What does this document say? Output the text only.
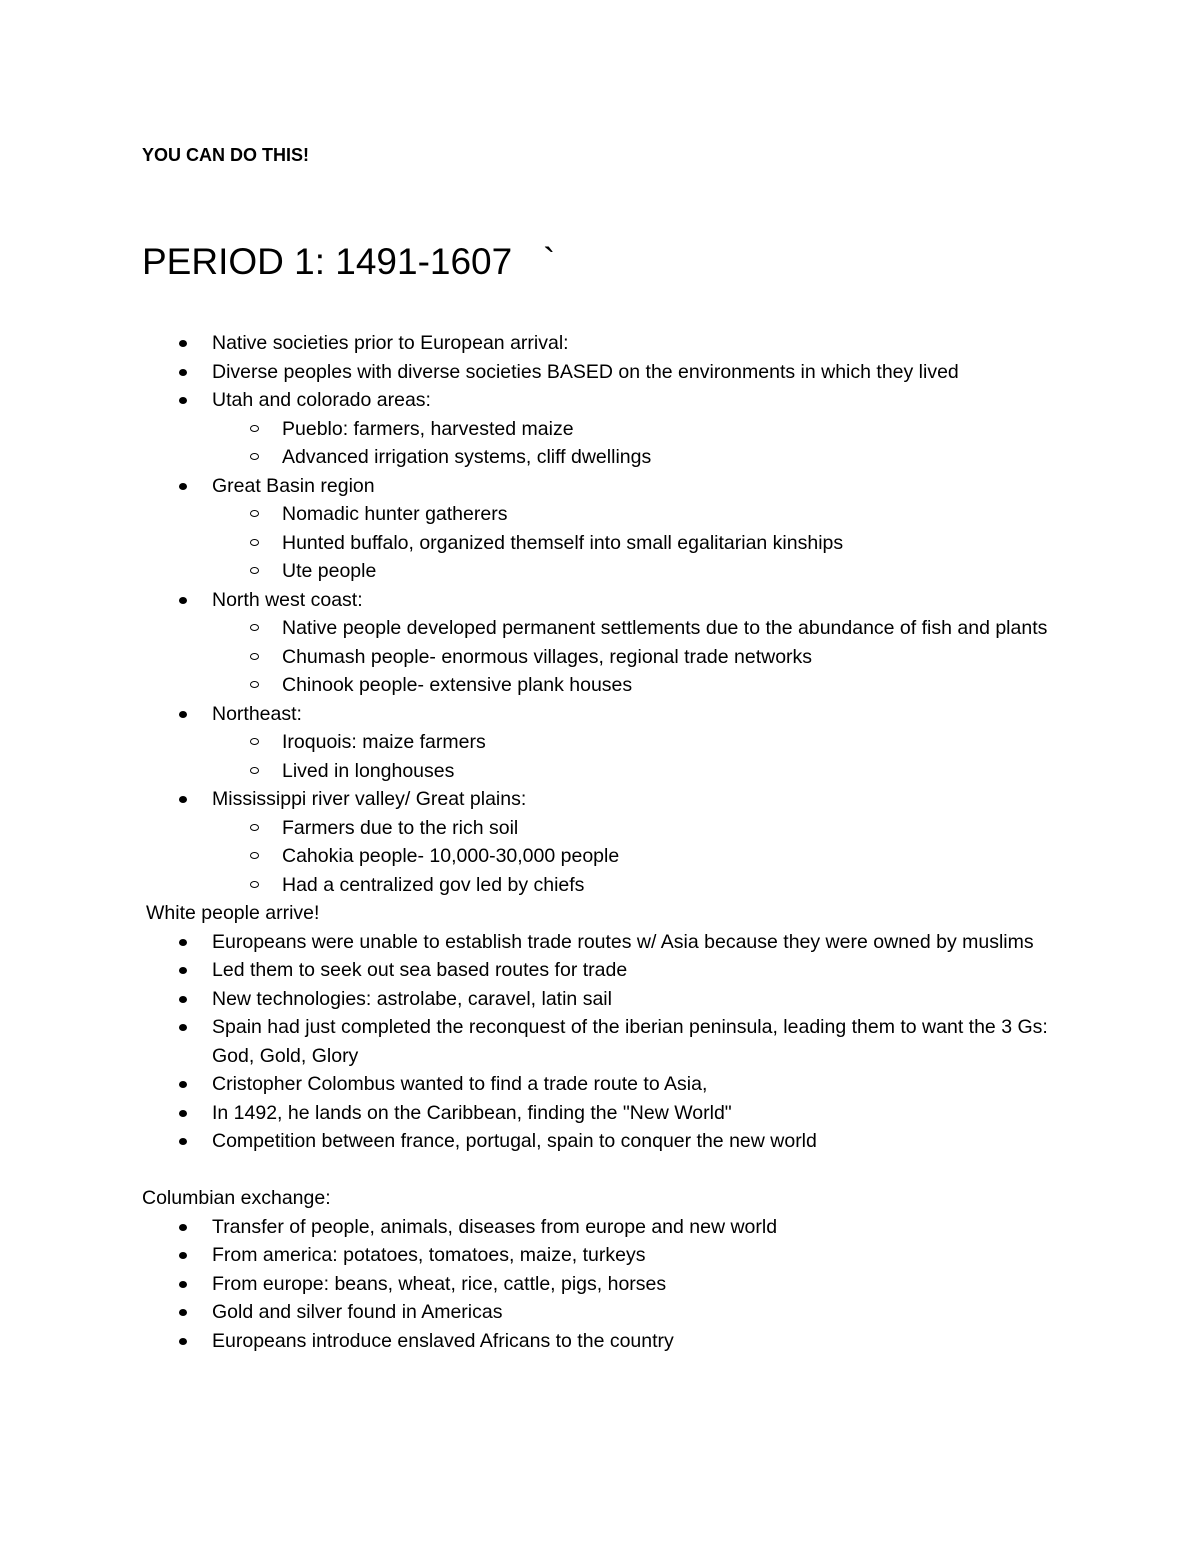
YOU CAN DO THIS!

PERIOD 1: 1491-1607   `
Native societies prior to European arrival:
Diverse peoples with diverse societies BASED on the environments in which they lived
Utah and colorado areas:
Pueblo: farmers, harvested maize
Advanced irrigation systems, cliff dwellings
Great Basin region
Nomadic hunter gatherers
Hunted buffalo, organized themself into small egalitarian kinships
Ute people
North west coast:
Native people developed permanent settlements due to the abundance of fish and plants
Chumash people- enormous villages, regional trade networks
Chinook people- extensive plank houses
Northeast:
Iroquois: maize farmers
Lived in longhouses
Mississippi river valley/ Great plains:
Farmers due to the rich soil
Cahokia people- 10,000-30,000 people
Had a centralized gov led by chiefs
White people arrive!
Europeans were unable to establish trade routes w/ Asia because they were owned by muslims
Led them to seek out sea based routes for trade
New technologies: astrolabe, caravel, latin sail
Spain had just completed the reconquest of the iberian peninsula, leading them to want the 3 Gs: God, Gold, Glory
Cristopher Colombus wanted to find a trade route to Asia,
In 1492, he lands on the Caribbean, finding the "New World"
Competition between france, portugal, spain to conquer the new world
Columbian exchange:
Transfer of people, animals, diseases from europe and new world
From america: potatoes, tomatoes, maize, turkeys
From europe: beans, wheat, rice, cattle, pigs, horses
Gold and silver found in Americas
Europeans introduce enslaved Africans to the country
